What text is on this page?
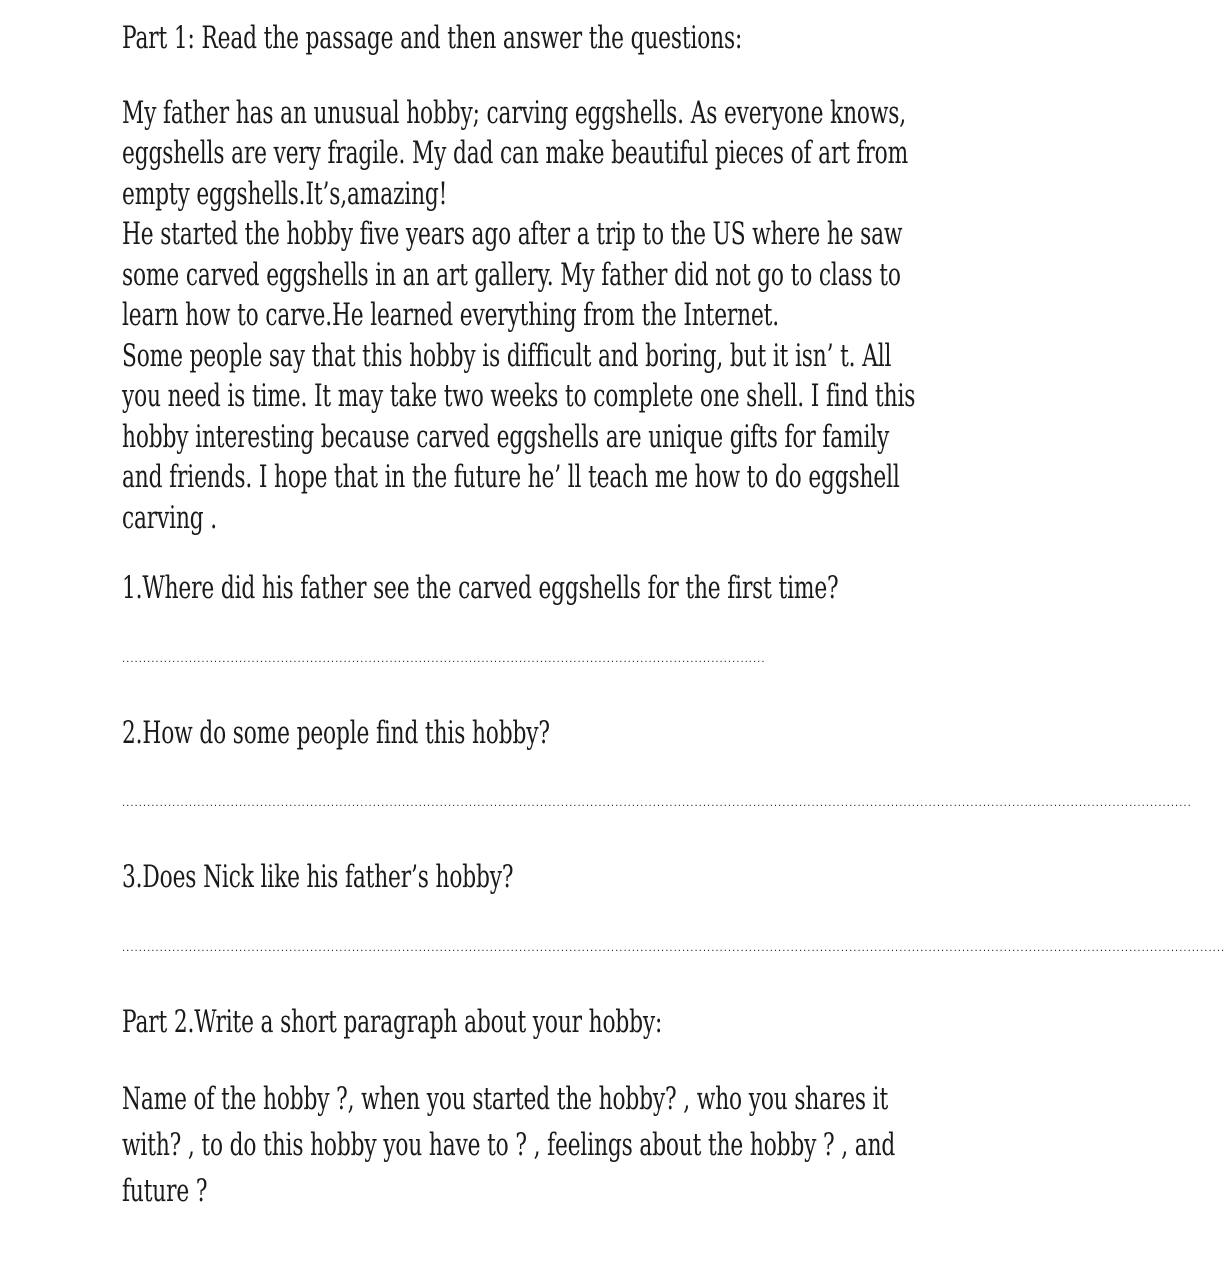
Part 1: Read the passage and then answer the questions:
My father has an unusual hobby; carving eggshells. As everyone knows,
eggshells are very fragile. My dad can make beautiful pieces of art from
empty eggshells.It’s,amazing!
He started the hobby five years ago after a trip to the US where he saw
some carved eggshells in an art gallery. My father did not go to class to
learn how to carve.He learned everything from the Internet.
Some people say that this hobby is difficult and boring, but it isn’ t. All
you need is time. It may take two weeks to complete one shell. I find this
hobby interesting because carved eggshells are unique gifts for family
and friends. I hope that in the future he’ ll teach me how to do eggshell
carving .
1.Where did his father see the carved eggshells for the first time?
..........................................................................................................................................................
2.How do some people find this hobby?
................................................................................................................................................................................................................................................................
3.Does Nick like his father’s hobby?
........................................................................................................................................................................................................................................................................
Part 2.Write a short paragraph about your hobby:
Name of the hobby ?, when you started the hobby? , who you shares it
with? , to do this hobby you have to ? , feelings about the hobby ? , and
future ?
